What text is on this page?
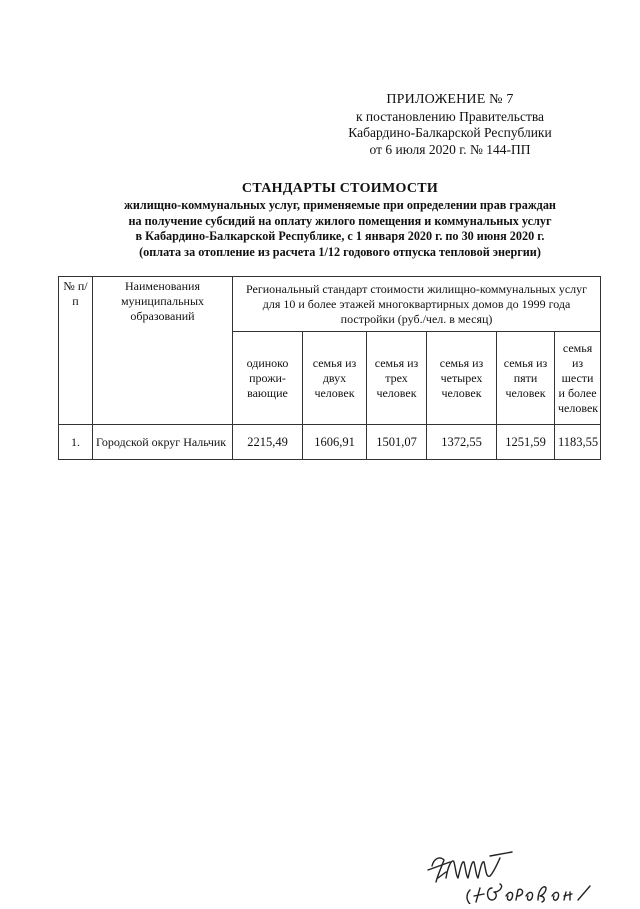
ПРИЛОЖЕНИЕ № 7
к постановлению Правительства
Кабардино-Балкарской Республики
от 6 июля 2020 г. № 144-ПП
СТАНДАРТЫ СТОИМОСТИ
жилищно-коммунальных услуг, применяемые при определении прав граждан
на получение субсидий на оплату жилого помещения и коммунальных услуг
в Кабардино-Балкарской Республике, с 1 января 2020 г. по 30 июня 2020 г.
(оплата за отопление из расчета 1/12 годового отпуска тепловой энергии)
№ п/п	Наименования муниципальных образований	Региональный стандарт стоимости жилищно-коммунальных услуг для 10 и более этажей многоквартирных домов до 1999 года постройки (руб./чел. в месяц)					
		одиноко прожи-вающие	семья из двух человек	семья из трех человек	семья из четырех человек	семья из пяти человек	семья из шести и более человек
1.	Городской округ Нальчик	2215,49	1606,91	1501,07	1372,55	1251,59	1183,55
